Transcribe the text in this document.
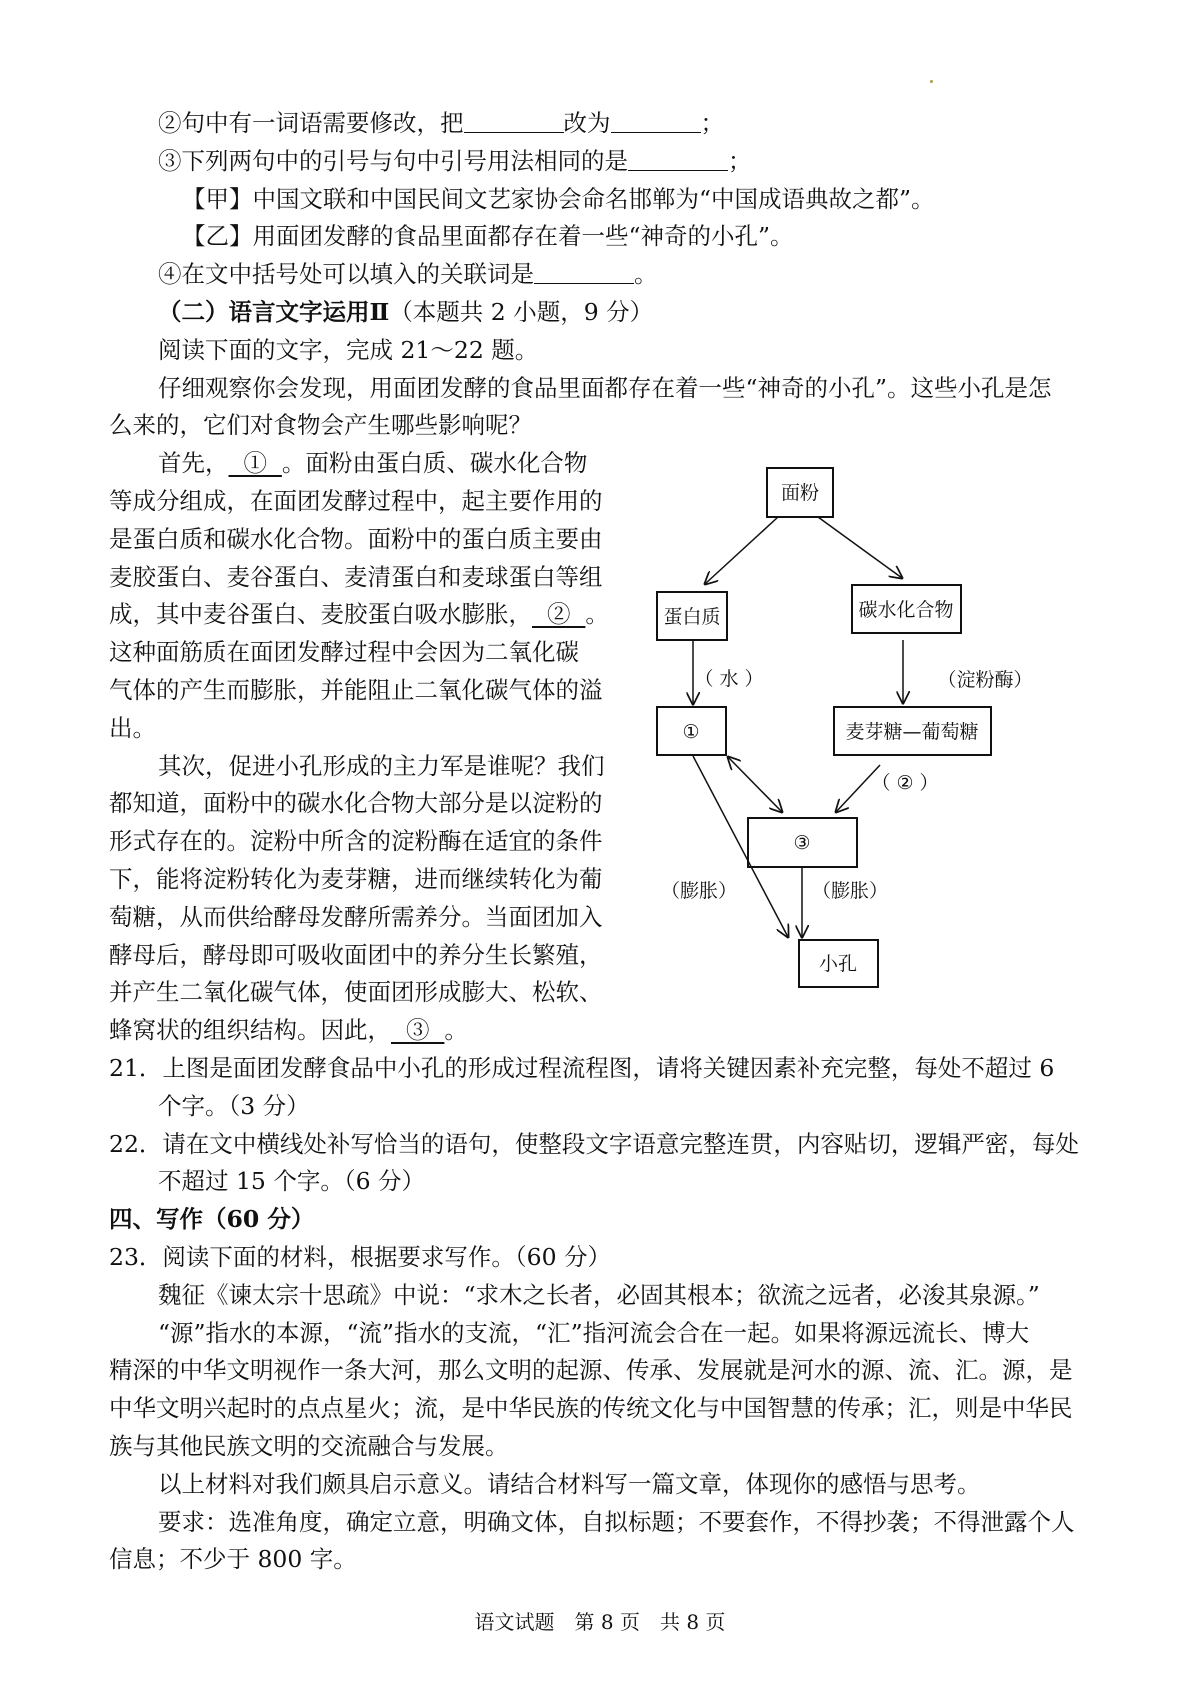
②句中有一词语需要修改，把	改为	；
③下列两句中的引号与句中引号用法相同的是	；
【甲】中国文联和中国民间文艺家协会命名邯郸为“中国成语典故之都”。
【乙】用面团发酵的食品里面都存在着一些“神奇的小孔”。
④在文中括号处可以填入的关联词是	。
（二）语言文字运用Ⅱ（本题共 2 小题，9 分）
阅读下面的文字，完成 21～22 题。
仔细观察你会发现，用面团发酵的食品里面都存在着一些“神奇的小孔”。这些小孔是怎
么来的，它们对食物会产生哪些影响呢？
首先，  ①  。面粉由蛋白质、碳水化合物
等成分组成，在面团发酵过程中，起主要作用的
是蛋白质和碳水化合物。面粉中的蛋白质主要由
麦胶蛋白、麦谷蛋白、麦清蛋白和麦球蛋白等组
成，其中麦谷蛋白、麦胶蛋白吸水膨胀，  ②  。
这种面筋质在面团发酵过程中会因为二氧化碳
气体的产生而膨胀，并能阻止二氧化碳气体的溢
出。
其次，促进小孔形成的主力军是谁呢？我们
都知道，面粉中的碳水化合物大部分是以淀粉的
形式存在的。淀粉中所含的淀粉酶在适宜的条件
下，能将淀粉转化为麦芽糖，进而继续转化为葡
萄糖，从而供给酵母发酵所需养分。当面团加入
酵母后，酵母即可吸收面团中的养分生长繁殖，
并产生二氧化碳气体，使面团形成膨大、松软、
蜂窝状的组织结构。因此，  ③  。
21．上图是面团发酵食品中小孔的形成过程流程图，请将关键因素补充完整，每处不超过 6
个字。（3 分）
22．请在文中横线处补写恰当的语句，使整段文字语意完整连贯，内容贴切，逻辑严密，每处
不超过 15 个字。（6 分）
四、写作（60 分）
23．阅读下面的材料，根据要求写作。（60 分）
魏征《谏太宗十思疏》中说：“求木之长者，必固其根本；欲流之远者，必浚其泉源。”
“源”指水的本源，“流”指水的支流，“汇”指河流会合在一起。如果将源远流长、博大
精深的中华文明视作一条大河，那么文明的起源、传承、发展就是河水的源、流、汇。源，是
中华文明兴起时的点点星火；流，是中华民族的传统文化与中国智慧的传承；汇，则是中华民
族与其他民族文明的交流融合与发展。
以上材料对我们颇具启示意义。请结合材料写一篇文章，体现你的感悟与思考。
要求：选准角度，确定立意，明确文体，自拟标题；不要套作，不得抄袭；不得泄露个人
信息；不少于 800 字。
面粉
蛋白质	碳水化合物
①	麦芽糖—葡萄糖
③
小孔
（ 水 ）	（淀粉酶）
（ ② ）
（膨胀）	（膨胀）
语文试题　第 8 页　共 8 页
